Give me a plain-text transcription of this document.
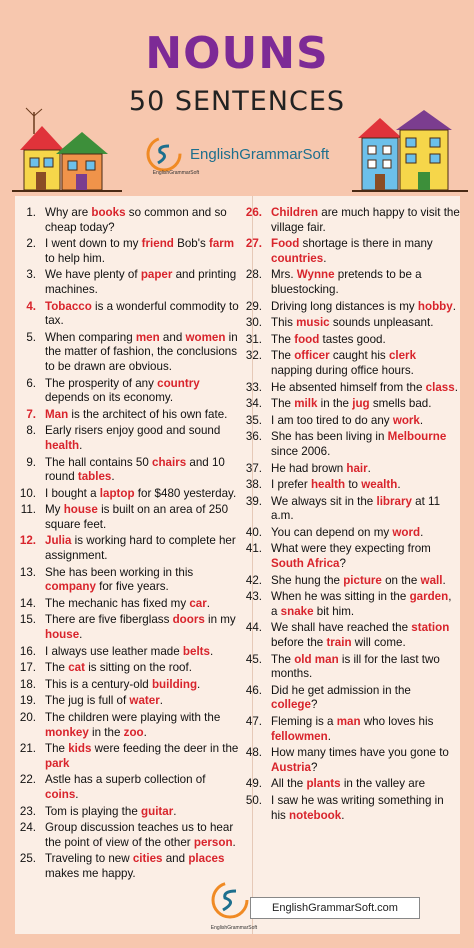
NOUNS
50 SENTENCES
EnglishGrammarSoft
EnglishGrammarSoft
1. Why are books so common and so cheap today?
2. I went down to my friend Bob's farm to help him.
3. We have plenty of paper and printing machines.
4. Tobacco is a wonderful commodity to tax.
5. When comparing men and women in the matter of fashion, the conclusions to be drawn are obvious.
6. The prosperity of any country depends on its economy.
7. Man is the architect of his own fate.
8. Early risers enjoy good and sound health.
9. The hall contains 50 chairs and 10 round tables.
10. I bought a laptop for $480 yesterday.
11. My house is built on an area of 250 square feet.
12. Julia is working hard to complete her assignment.
13. She has been working in this company for five years.
14. The mechanic has fixed my car.
15. There are five fiberglass doors in my house.
16. I always use leather made belts.
17. The cat is sitting on the roof.
18. This is a century-old building.
19. The jug is full of water.
20. The children were playing with the monkey in the zoo.
21. The kids were feeding the deer in the park
22. Astle has a superb collection of coins.
23. Tom is playing the guitar.
24. Group discussion teaches us to hear the point of view of the other person.
25. Traveling to new cities and places makes me happy.
26. Children are much happy to visit the village fair.
27. Food shortage is there in many countries.
28. Mrs. Wynne pretends to be a bluestocking.
29. Driving long distances is my hobby.
30. This music sounds unpleasant.
31. The food tastes good.
32. The officer caught his clerk napping during office hours.
33. He absented himself from the class.
34. The milk in the jug smells bad.
35. I am too tired to do any work.
36. She has been living in Melbourne since 2006.
37. He had brown hair.
38. I prefer health to wealth.
39. We always sit in the library at 11 a.m.
40. You can depend on my word.
41. What were they expecting from South Africa?
42. She hung the picture on the wall.
43. When he was sitting in the garden, a snake bit him.
44. We shall have reached the station before the train will come.
45. The old man is ill for the last two months.
46. Did he get admission in the college?
47. Fleming is a man who loves his fellowmen.
48. How many times have you gone to Austria?
49. All the plants in the valley are
50. I saw he was writing something in his notebook.
EnglishGrammarSoft
EnglishGrammarSoft.com
